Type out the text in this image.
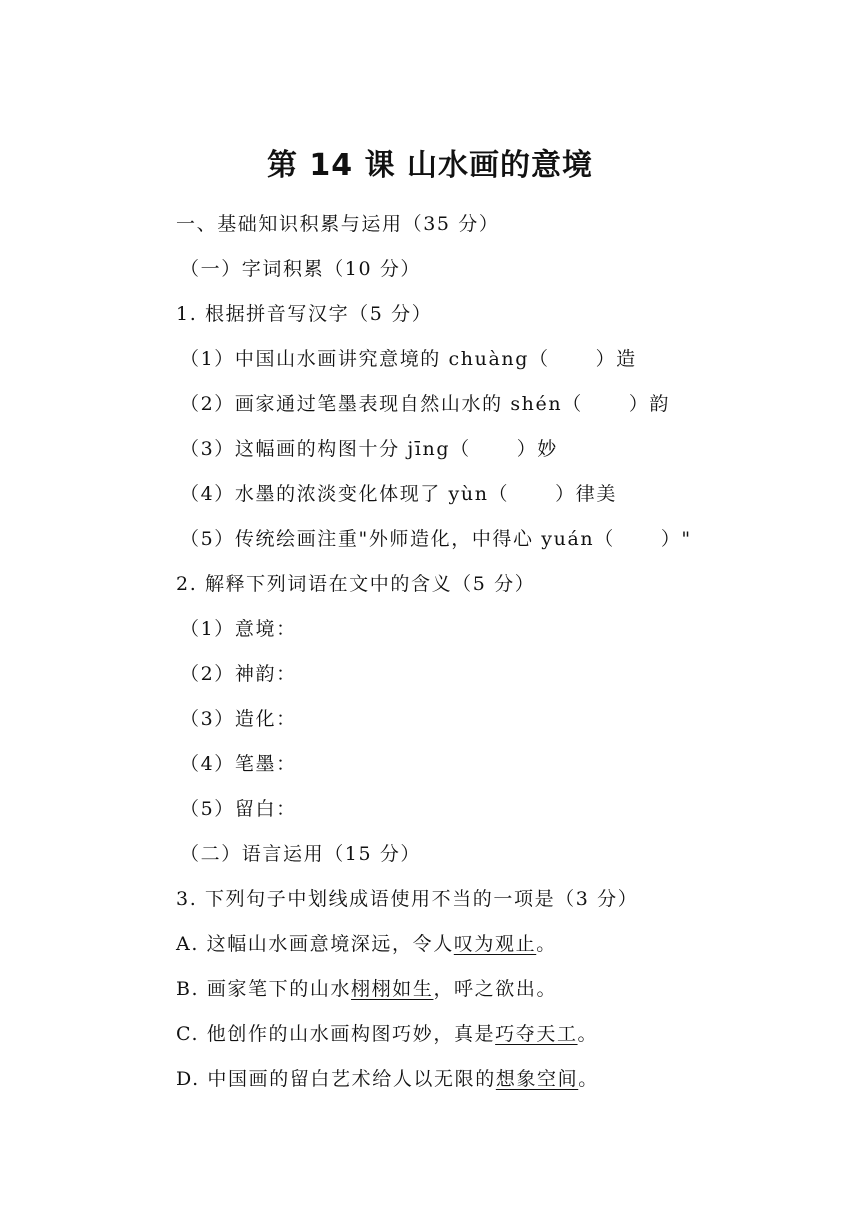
第 14 课 山水画的意境
一、基础知识积累与运用（35 分）
（一）字词积累（10 分）
1. 根据拼音写汉字（5 分）
（1）中国山水画讲究意境的 chuàng（ ）造
（2）画家通过笔墨表现自然山水的 shén（ ）韵
（3）这幅画的构图十分 jīng（ ）妙
（4）水墨的浓淡变化体现了 yùn（ ）律美
（5）传统绘画注重"外师造化，中得心 yuán（ ）"
2. 解释下列词语在文中的含义（5 分）
（1）意境：
（2）神韵：
（3）造化：
（4）笔墨：
（5）留白：
（二）语言运用（15 分）
3. 下列句子中划线成语使用不当的一项是（3 分）
A. 这幅山水画意境深远，令人叹为观止。
B. 画家笔下的山水栩栩如生，呼之欲出。
C. 他创作的山水画构图巧妙，真是巧夺天工。
D. 中国画的留白艺术给人以无限的想象空间。
